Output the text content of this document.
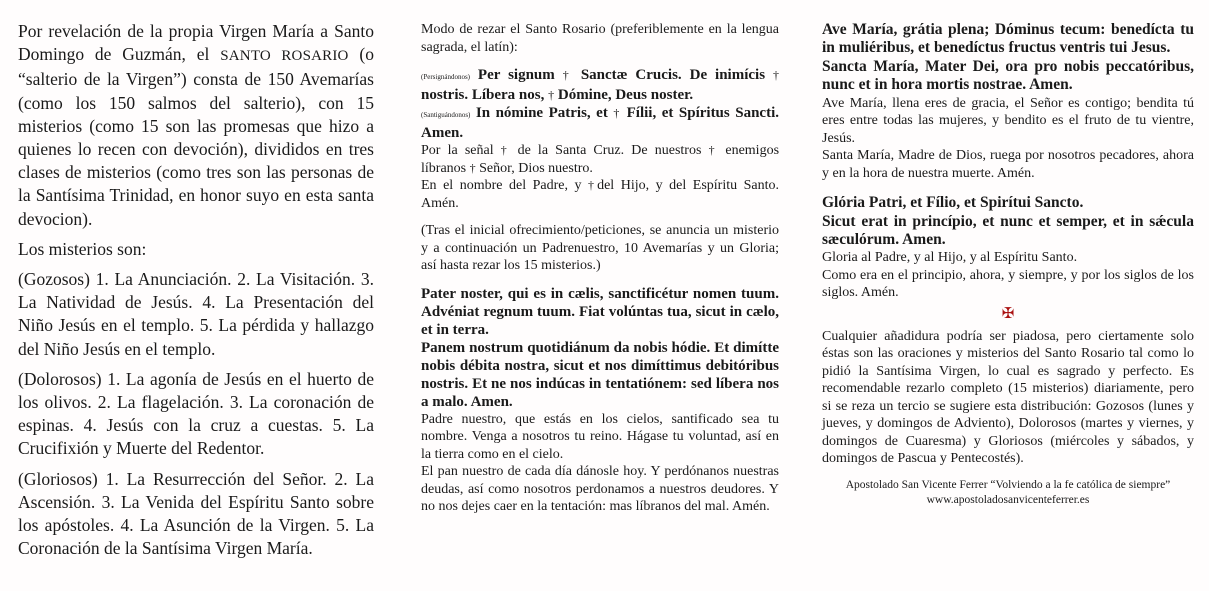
Por revelación de la propia Virgen María a Santo Domingo de Guzmán, el SANTO ROSARIO (o “salterio de la Virgen”) consta de 150 Avemarías (como los 150 salmos del salterio), con 15 misterios (como 15 son las promesas que hizo a quienes lo recen con devoción), divididos en tres clases de misterios (como tres son las personas de la Santísima Trinidad, en honor suyo en esta santa devocion).

Los misterios son:

(Gozosos) 1. La Anunciación. 2. La Visitación. 3. La Natividad de Jesús. 4. La Presentación del Niño Jesús en el templo. 5. La pérdida y hallazgo del Niño Jesús en el templo.

(Dolorosos) 1. La agonía de Jesús en el huerto de los olivos. 2. La flagelación. 3. La coronación de espinas. 4. Jesús con la cruz a cuestas. 5. La Crucifixión y Muerte del Redentor.

(Gloriosos) 1. La Resurrección del Señor. 2. La Ascensión. 3. La Venida del Espíritu Santo sobre los apóstoles. 4. La Asunción de la Virgen. 5. La Coronación de la Santísima Virgen María.

Modo de rezar el Santo Rosario (preferiblemente en la lengua sagrada, el latín):

(Persignándonos) Per signum † Sanctæ Crucis. De inimícis † nostris. Líbera nos, † Dómine, Deus noster.

(Santiguándonos) In nómine Patris, et † Fílii, et Spíritus Sancti. Amen.

Por la señal † de la Santa Cruz. De nuestros † enemigos líbranos † Señor, Dios nuestro.

En el nombre del Padre, y †del Hijo, y del Espíritu Santo. Amén.

(Tras el inicial ofrecimiento/peticiones, se anuncia un misterio y a continuación un Padrenuestro, 10 Avemarías y un Gloria; así hasta rezar los 15 misterios.)

Pater noster, qui es in cælis, sanctificétur nomen tuum. Advéniat regnum tuum. Fiat volúntas tua, sicut in cælo, et in terra.

Panem nostrum quotidiánum da nobis hódie. Et dimítte nobis débita nostra, sicut et nos dimíttimus debitóribus nostris. Et ne nos indúcas in tentatiónem: sed líbera nos a malo. Amen.

Padre nuestro, que estás en los cielos, santificado sea tu nombre. Venga a nosotros tu reino. Hágase tu voluntad, así en la tierra como en el cielo.

El pan nuestro de cada día dánosle hoy. Y perdónanos nuestras deudas, así como nosotros perdonamos a nuestros deudores. Y no nos dejes caer en la tentación: mas líbranos del mal. Amén.

Ave María, grátia plena; Dóminus tecum: benedícta tu in muliéribus, et benedíctus fructus ventris tui Jesus.

Sancta María, Mater Dei, ora pro nobis peccatóribus, nunc et in hora mortis nostrae. Amen.

Ave María, llena eres de gracia, el Señor es contigo; bendita tú eres entre todas las mujeres, y bendito es el fruto de tu vientre, Jesús.

Santa María, Madre de Dios, ruega por nosotros pecadores, ahora y en la hora de nuestra muerte. Amén.

Glória Patri, et Fílio, et Spirítui Sancto.

Sicut erat in princípio, et nunc et semper, et in sǽcula sæculórum. Amen.

Gloria al Padre, y al Hijo, y al Espíritu Santo.

Como era en el principio, ahora, y siempre, y por los siglos de los siglos. Amén.

✠

Cualquier añadidura podría ser piadosa, pero ciertamente solo éstas son las oraciones y misterios del Santo Rosario tal como lo pidió la Santísima Virgen, lo cual es sagrado y perfecto. Es recomendable rezarlo completo (15 misterios) diariamente, pero si se reza un tercio se sugiere esta distribución: Gozosos (lunes y jueves, y domingos de Adviento), Dolorosos (martes y viernes, y domingos de Cuaresma) y Gloriosos (miércoles y sábados, y domingos de Pascua y Pentecostés).

Apostolado San Vicente Ferrer “Volviendo a la fe católica de siempre”
www.apostoladosanvicenteferrer.es
